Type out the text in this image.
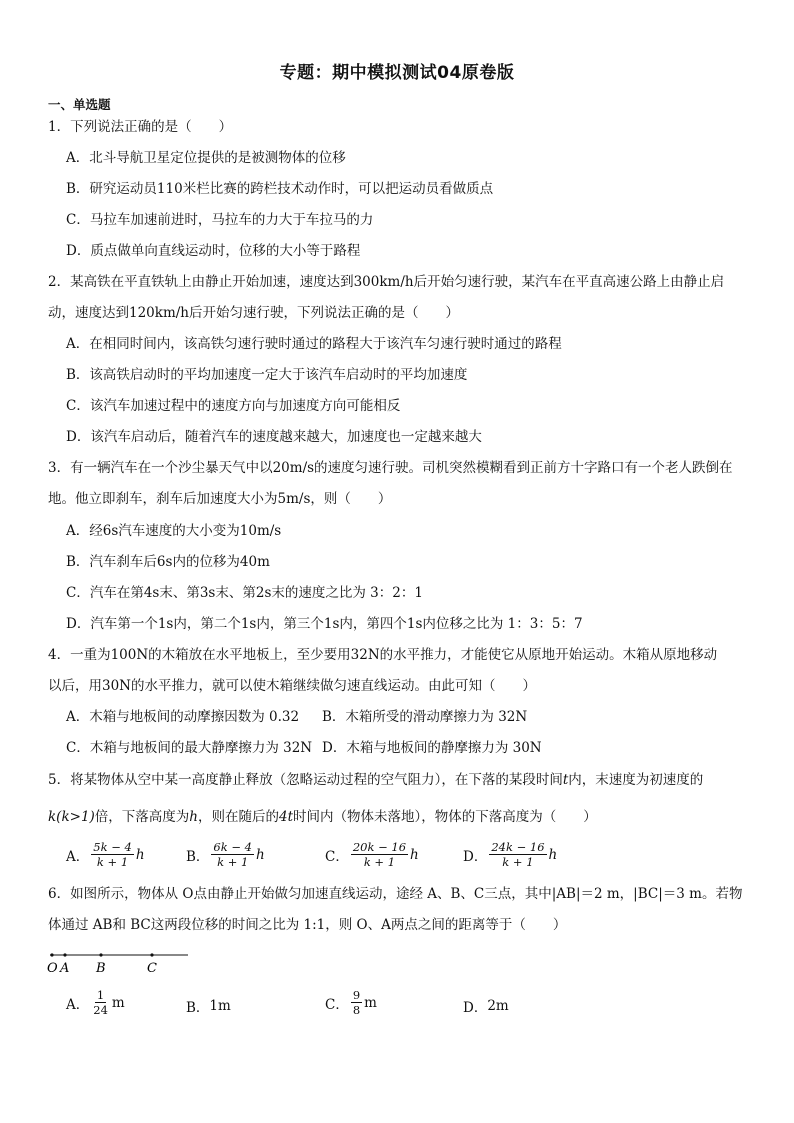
专题：期中模拟测试04原卷版
一、单选题
1．下列说法正确的是（　　）
A．北斗导航卫星定位提供的是被测物体的位移
B．研究运动员110米栏比赛的跨栏技术动作时，可以把运动员看做质点
C．马拉车加速前进时，马拉车的力大于车拉马的力
D．质点做单向直线运动时，位移的大小等于路程
2．某高铁在平直铁轨上由静止开始加速，速度达到300km/h后开始匀速行驶，某汽车在平直高速公路上由静止启
动，速度达到120km/h后开始匀速行驶，下列说法正确的是（　　）
A．在相同时间内，该高铁匀速行驶时通过的路程大于该汽车匀速行驶时通过的路程
B．该高铁启动时的平均加速度一定大于该汽车启动时的平均加速度
C．该汽车加速过程中的速度方向与加速度方向可能相反
D．该汽车启动后，随着汽车的速度越来越大，加速度也一定越来越大
3．有一辆汽车在一个沙尘暴天气中以20m/s的速度匀速行驶。司机突然模糊看到正前方十字路口有一个老人跌倒在
地。他立即刹车，刹车后加速度大小为5m/s，则（　　）
A．经6s汽车速度的大小变为10m/s
B．汽车刹车后6s内的位移为40m
C．汽车在第4s末、第3s末、第2s末的速度之比为 3：2：1
D．汽车第一个1s内，第二个1s内，第三个1s内，第四个1s内位移之比为 1：3：5：7
4．一重为100N的木箱放在水平地板上，至少要用32N的水平推力，才能使它从原地开始运动。木箱从原地移动
以后，用30N的水平推力，就可以使木箱继续做匀速直线运动。由此可知（　　）
A．木箱与地板间的动摩擦因数为 0.32 B．木箱所受的滑动摩擦力为 32N
C．木箱与地板间的最大静摩擦力为 32N D．木箱与地板间的静摩擦力为 30N
5．将某物体从空中某一高度静止释放（忽略运动过程的空气阻力），在下落的某段时间t内，末速度为初速度的
k(k>1)倍，下落高度为h，则在随后的4t时间内（物体未落地），物体的下落高度为（　　）
A． $\frac{5k - 4}{k + 1}$ h	B． $\frac{6k - 4}{k + 1}$ h	C． $\frac{20k - 16}{k + 1}$ h	D． $\frac{24k - 16}{k + 1}$ h
6．如图所示，物体从 O点由静止开始做匀加速直线运动，途经 A、B、C三点，其中|AB|＝2 m，|BC|＝3 m。若物
体通过 AB和 BC这两段位移的时间之比为 1:1，则 O、A两点之间的距离等于（　　）
O A B	C
A． $\frac{1}{24}$ m	B． 1m	C． $\frac{9}{8}$ m	D． 2m
